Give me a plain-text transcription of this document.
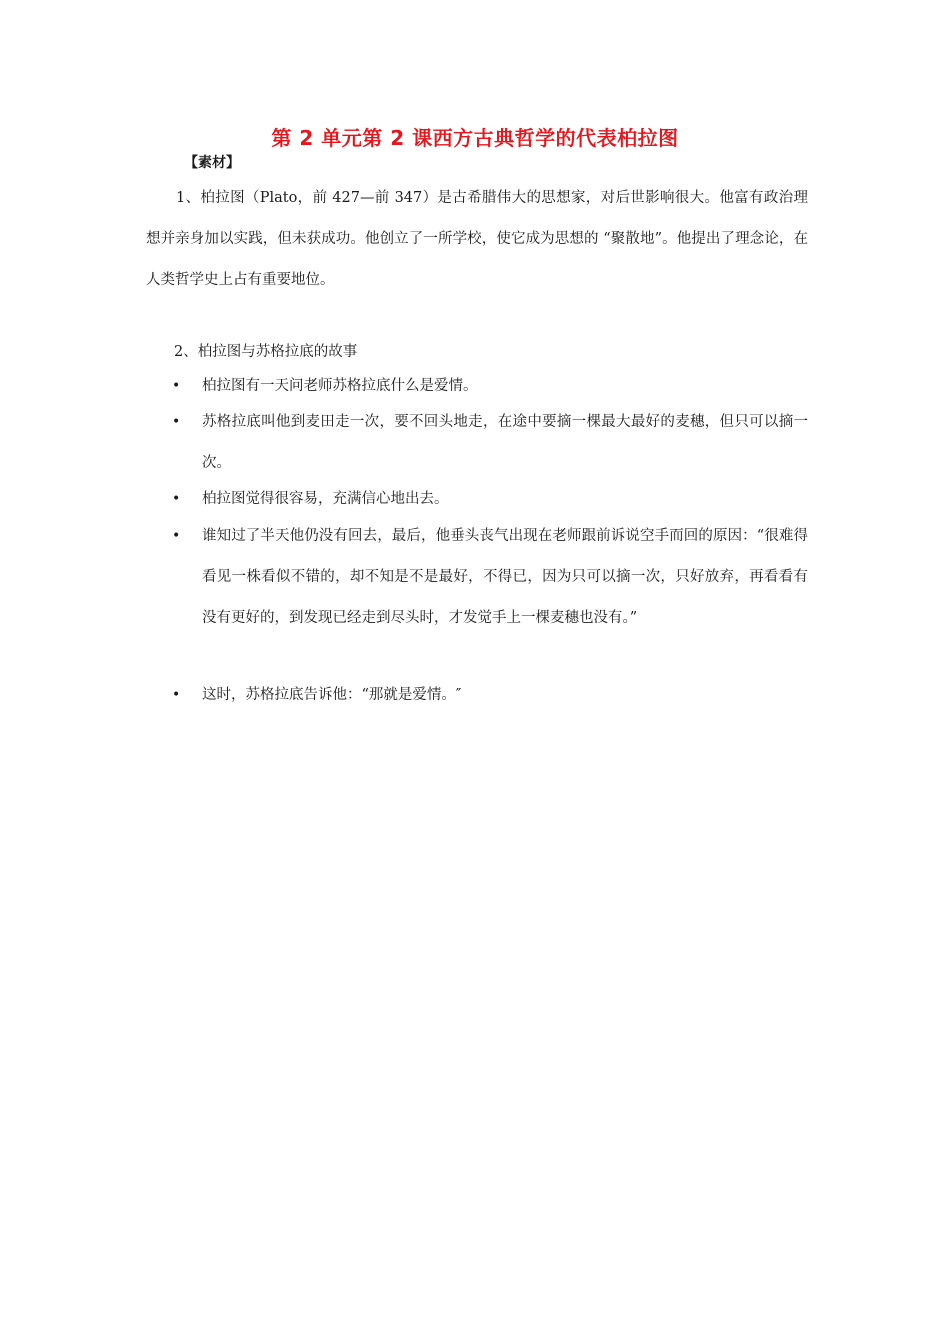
第 2 单元第 2 课西方古典哲学的代表柏拉图
【素材】

1、柏拉图（Plato，前 427—前 347）是古希腊伟大的思想家，对后世影响很大。他富有政治理想并亲身加以实践，但未获成功。他创立了一所学校，使它成为思想的 “聚散地”。他提出了理念论，在人类哲学史上占有重要地位。

2、柏拉图与苏格拉底的故事
• 柏拉图有一天问老师苏格拉底什么是爱情。
• 苏格拉底叫他到麦田走一次，要不回头地走，在途中要摘一棵最大最好的麦穗，但只可以摘一次。
• 柏拉图觉得很容易，充满信心地出去。
• 谁知过了半天他仍没有回去，最后，他垂头丧气出现在老师跟前诉说空手而回的原因：“很难得看见一株看似不错的，却不知是不是最好，不得已，因为只可以摘一次，只好放弃，再看看有没有更好的，到发现已经走到尽头时，才发觉手上一棵麦穗也没有。”
• 这时，苏格拉底告诉他：“那就是爱情。″
